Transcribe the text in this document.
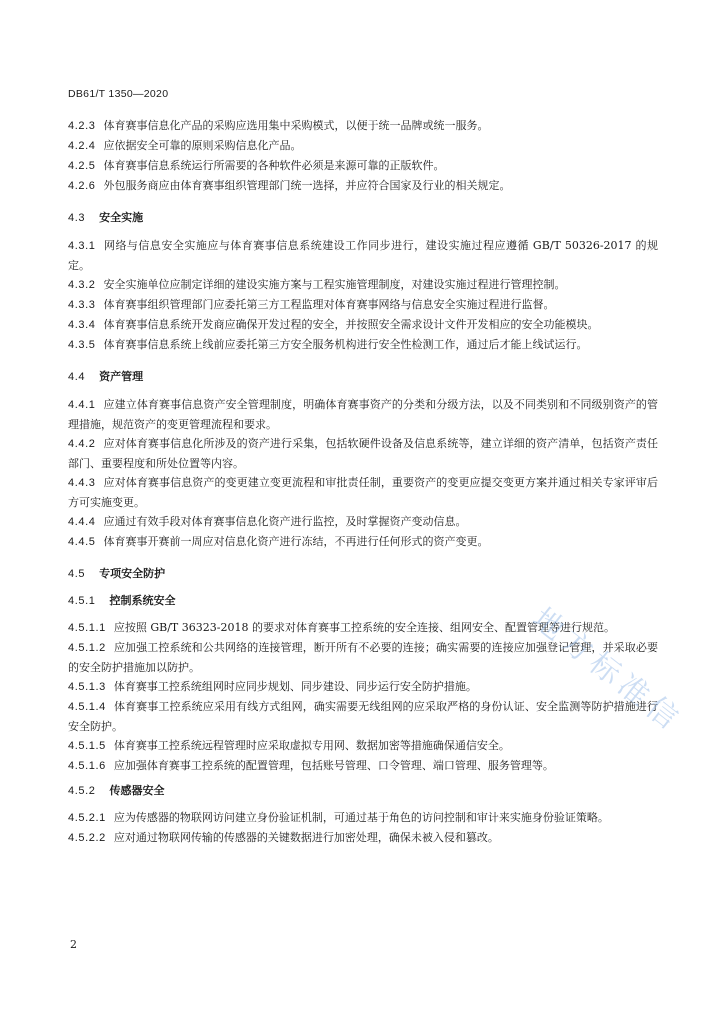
DB61/T 1350—2020

4.2.3 体育赛事信息化产品的采购应选用集中采购模式，以便于统一品牌或统一服务。

4.2.4 应依据安全可靠的原则采购信息化产品。

4.2.5 体育赛事信息系统运行所需要的各种软件必须是来源可靠的正版软件。

4.2.6 外包服务商应由体育赛事组织管理部门统一选择，并应符合国家及行业的相关规定。

4.3 安全实施

4.3.1 网络与信息安全实施应与体育赛事信息系统建设工作同步进行，建设实施过程应遵循 GB/T 50326-2017 的规定。

4.3.2 安全实施单位应制定详细的建设实施方案与工程实施管理制度，对建设实施过程进行管理控制。

4.3.3 体育赛事组织管理部门应委托第三方工程监理对体育赛事网络与信息安全实施过程进行监督。

4.3.4 体育赛事信息系统开发商应确保开发过程的安全，并按照安全需求设计文件开发相应的安全功能模块。

4.3.5 体育赛事信息系统上线前应委托第三方安全服务机构进行安全性检测工作，通过后才能上线试运行。

4.4 资产管理

4.4.1 应建立体育赛事信息资产安全管理制度，明确体育赛事资产的分类和分级方法，以及不同类别和不同级别资产的管理措施，规范资产的变更管理流程和要求。

4.4.2 应对体育赛事信息化所涉及的资产进行采集，包括软硬件设备及信息系统等，建立详细的资产清单，包括资产责任部门、重要程度和所处位置等内容。

4.4.3 应对体育赛事信息资产的变更建立变更流程和审批责任制，重要资产的变更应提交变更方案并通过相关专家评审后方可实施变更。

4.4.4 应通过有效手段对体育赛事信息化资产进行监控，及时掌握资产变动信息。

4.4.5 体育赛事开赛前一周应对信息化资产进行冻结，不再进行任何形式的资产变更。

4.5 专项安全防护
4.5.1 控制系统安全

4.5.1.1 应按照 GB/T 36323-2018 的要求对体育赛事工控系统的安全连接、组网安全、配置管理等进行规范。

4.5.1.2 应加强工控系统和公共网络的连接管理，断开所有不必要的连接；确实需要的连接应加强登记管理，并采取必要的安全防护措施加以防护。

4.5.1.3 体育赛事工控系统组网时应同步规划、同步建设、同步运行安全防护措施。

4.5.1.4 体育赛事工控系统应采用有线方式组网，确实需要无线组网的应采取严格的身份认证、安全监测等防护措施进行安全防护。

4.5.1.5 体育赛事工控系统远程管理时应采取虚拟专用网、数据加密等措施确保通信安全。

4.5.1.6 应加强体育赛事工控系统的配置管理，包括账号管理、口令管理、端口管理、服务管理等。

4.5.2 传感器安全

4.5.2.1 应为传感器的物联网访问建立身份验证机制，可通过基于角色的访问控制和审计来实施身份验证策略。

4.5.2.2 应对通过物联网传输的传感器的关键数据进行加密处理，确保未被入侵和篡改。

2
地方标准信
